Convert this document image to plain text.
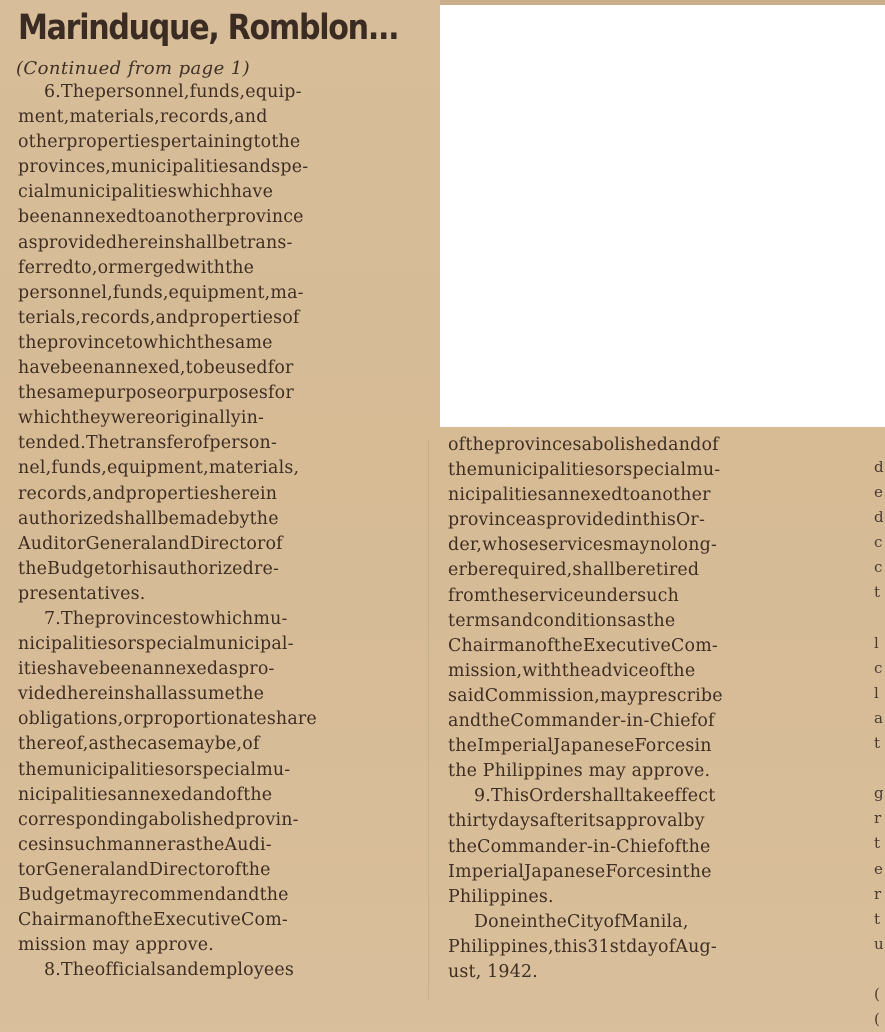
Marinduque, Romblon...
(Continued from page 1)
6.Thepersonnel,funds,equip-
ment,materials,records,and
otherpropertiespertainingtothe
provinces,municipalitiesandspe-
cialmunicipalitieswhichhave
beenannexedtoanotherprovince
asprovidedhereinshallbetrans-
ferredto,ormergedwiththe
personnel,funds,equipment,ma-
terials,records,andpropertiesof
theprovincetowhichthesame
havebeenannexed,tobeusedfor
thesamepurposeorpurposesfor
whichtheywereoriginallyin-
tended.Thetransferofperson-
nel,funds,equipment,materials,
records,andpropertiesherein
authorizedshallbemadebythe
AuditorGeneralandDirectorof
theBudgetorhisauthorizedre-
presentatives.
7.Theprovincestowhichmu-
nicipalitiesorspecialmunicipal-
itieshavebeenannexedaspro-
videdhereinshallassumethe
obligations,orproportionateshare
thereof,asthecasemaybe,of
themunicipalitiesorspecialmu-
nicipalitiesannexedandofthe
correspondingabolishedprovin-
cesinsuchmannerastheAudi-
torGeneralandDirectorofthe
Budgetmayrecommendandthe
ChairmanoftheExecutiveCom-
mission may approve.
8.Theofficialsandemployees
oftheprovincesabolishedandof
themunicipalitiesorspecialmu-
nicipalitiesannexedtoanother
provinceasprovidedinthisOr-
der,whoseservicesmaynolong-
erberequired,shallberetired
fromtheserviceundersuch
termsandconditionsasthe
ChairmanoftheExecutiveCom-
mission,withtheadviceofthe
saidCommission,mayprescribe
andtheCommander-in-Chiefof
theImperialJapaneseForcesin
the Philippines may approve.
9.ThisOrdershalltakeeffect
thirtydaysafteritsapprovalby
theCommander-in-Chiefofthe
ImperialJapaneseForcesinthe
Philippines.
DoneintheCityofManila,
Philippines,this31stdayofAug-
ust, 1942.
d
e
d
c
c
t
l
c
l
a
t
g
r
t
e
r
t
u
(
(
